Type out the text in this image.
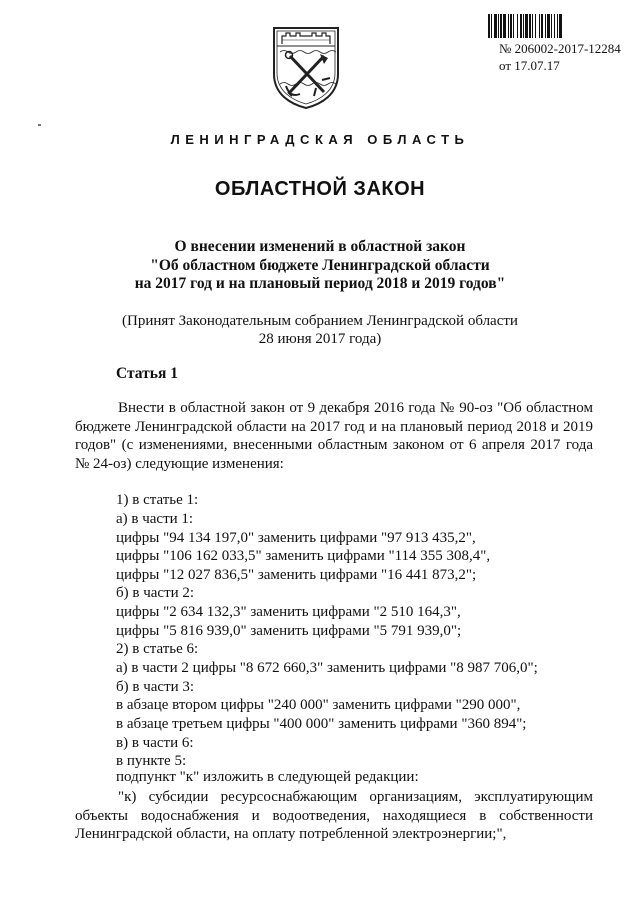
№ 206002-2017-12284
от 17.07.17
ЛЕНИНГРАДСКАЯ ОБЛАСТЬ
ОБЛАСТНОЙ ЗАКОН
О внесении изменений в областной закон
"Об областном бюджете Ленинградской области
на 2017 год и на плановый период 2018 и 2019 годов"
(Принят Законодательным собранием Ленинградской области
28 июня 2017 года)
Статья 1
Внести в областной закон от 9 декабря 2016 года № 90-оз "Об областном бюджете Ленинградской области на 2017 год и на плановый период 2018 и 2019 годов" (с изменениями, внесенными областным законом от 6 апреля 2017 года № 24-оз) следующие изменения:
1) в статье 1:
а) в части 1:
цифры "94 134 197,0" заменить цифрами "97 913 435,2",
цифры "106 162 033,5" заменить цифрами "114 355 308,4",
цифры "12 027 836,5" заменить цифрами "16 441 873,2";
б) в части 2:
цифры "2 634 132,3" заменить цифрами "2 510 164,3",
цифры "5 816 939,0" заменить цифрами "5 791 939,0";
2) в статье 6:
а) в части 2 цифры "8 672 660,3" заменить цифрами "8 987 706,0";
б) в части 3:
в абзаце втором цифры "240 000" заменить цифрами "290 000",
в абзаце третьем цифры "400 000" заменить цифрами "360 894";
в) в части 6:
в пункте 5:
подпункт "к" изложить в следующей редакции:
"к) субсидии ресурсоснабжающим организациям, эксплуатирующим объекты водоснабжения и водоотведения, находящиеся в собственности Ленинградской области, на оплату потребленной электроэнергии;",
